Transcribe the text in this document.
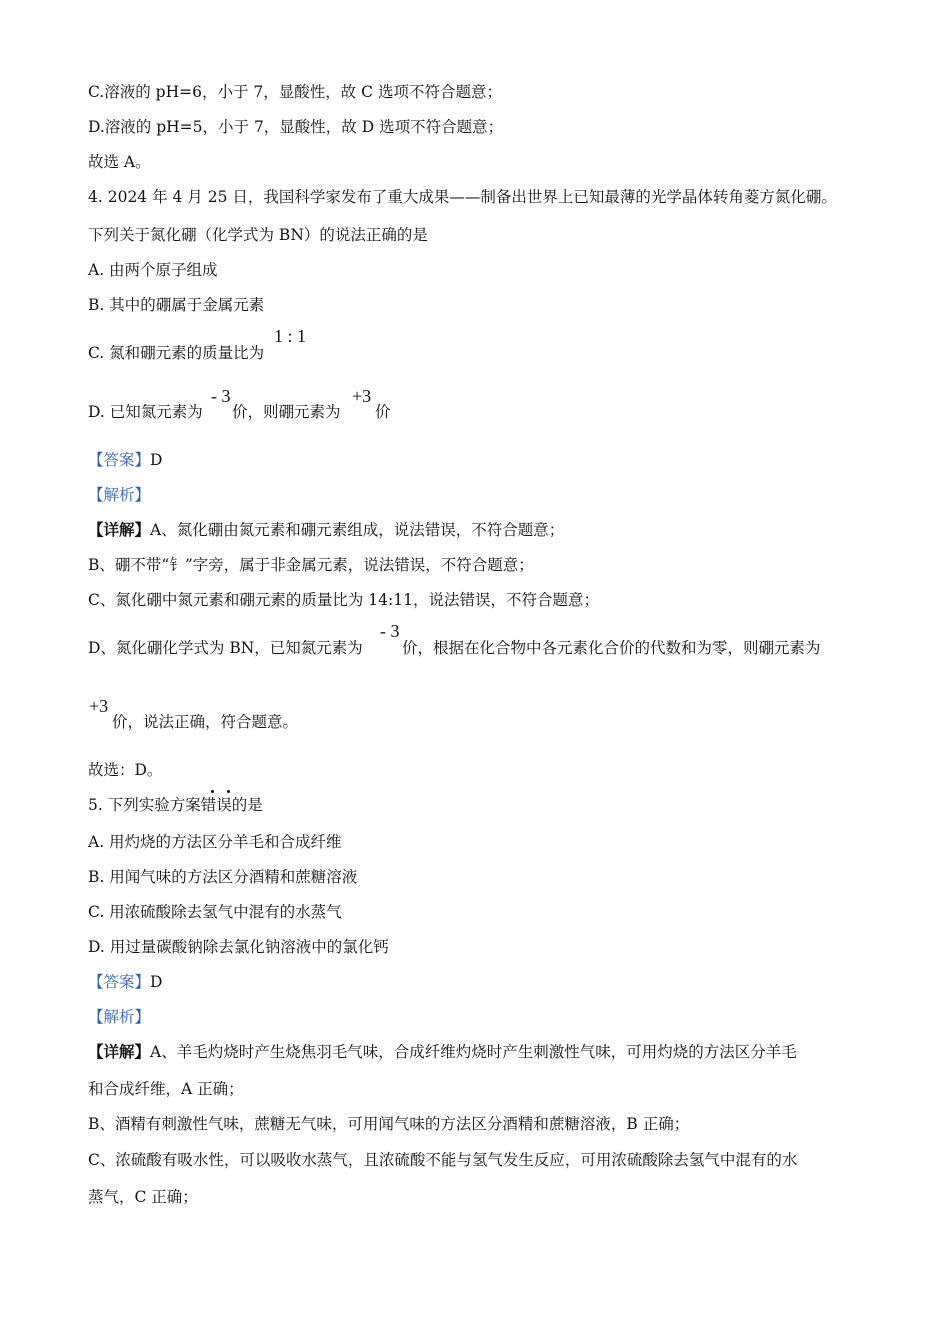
C.溶液的 pH=6，小于 7，显酸性，故 C 选项不符合题意；
D.溶液的 pH=5，小于 7，显酸性，故 D 选项不符合题意；
故选 A。
4. 2024 年 4 月 25 日，我国科学家发布了重大成果——制备出世界上已知最薄的光学晶体转角菱方氮化硼。
下列关于氮化硼（化学式为 BN）的说法正确的是
A. 由两个原子组成
B. 其中的硼属于金属元素
C. 氮和硼元素的质量比为
1 : 1
D. 已知氮元素为
- 3
价，则硼元素为
+3
价
【答案】D
【解析】
【详解】A、氮化硼由氮元素和硼元素组成，说法错误，不符合题意；
B、硼不带“钅”字旁，属于非金属元素，说法错误，不符合题意；
C、氮化硼中氮元素和硼元素的质量比为 14:11，说法错误，不符合题意；
D、氮化硼化学式为 BN，已知氮元素为
- 3
价，根据在化合物中各元素化合价的代数和为零，则硼元素为
+3
价，说法正确，符合题意。
故选：D。
5. 下列实验方案错误的是
A. 用灼烧的方法区分羊毛和合成纤维
B. 用闻气味的方法区分酒精和蔗糖溶液
C. 用浓硫酸除去氢气中混有的水蒸气
D. 用过量碳酸钠除去氯化钠溶液中的氯化钙
【答案】D
【解析】
【详解】A、羊毛灼烧时产生烧焦羽毛气味，合成纤维灼烧时产生刺激性气味，可用灼烧的方法区分羊毛
和合成纤维，A 正确；
B、酒精有刺激性气味，蔗糖无气味，可用闻气味的方法区分酒精和蔗糖溶液，B 正确；
C、浓硫酸有吸水性，可以吸收水蒸气，且浓硫酸不能与氢气发生反应，可用浓硫酸除去氢气中混有的水
蒸气，C 正确；
